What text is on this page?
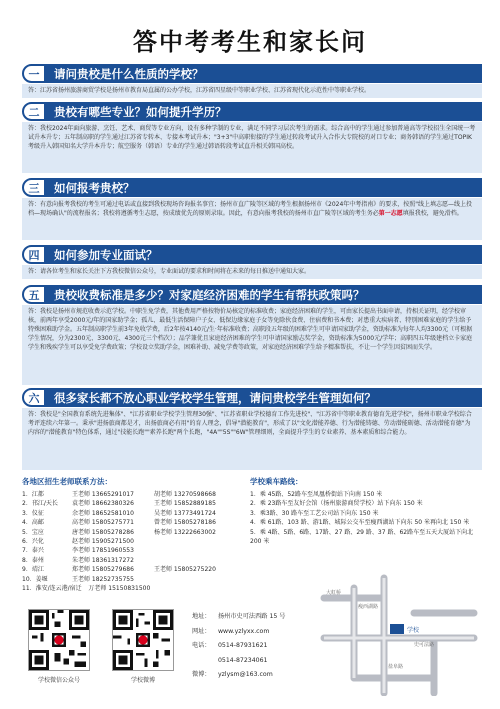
答中考考生和家长问
一	请问贵校是什么性质的学校？
答：江苏省扬州旅游商贸学校是扬州市教育局直属的公办学校，江苏省四星级中等职业学校、江苏省现代化示范性中等职业学校。
二	贵校有哪些专业？如何提升学历？
答：我校2024年面向旅游、烹饪、艺术、商贸等专业方向，设有多种学制的专业，满足不同学习层次考生的需求。综合高中的学生通过参加普通高等学校招生全国统一考试升本升专；五年制高职的学生通过江苏省专转本、专接本考试升本；"3+3"中高职衔接的学生通过转段考试升入合作大专院校的对口专业；商务韩语的学生通过TOPIK考级升入韩国知名大学升本升专；航空服务（韩语）专业的学生通过韩语转段考试直升相关韩国高校。
三	如何报考贵校？
答：有意向报考我校的考生可通过电话或直接到我校现场咨询报名事宜；扬州市直广陵等区域的考生根据扬州市《2024年中考指南》的要求，按照"线上填志愿—线上投档—现场确认"的流程报名；我校将遵循考生志愿，按成绩优先的原则录取。因此，有意向报考我校的扬州市直广陵等区域的考生务必第一志愿填报我校，避免滑档。
四	如何参加专业面试？
答：请各位考生和家长关注下方我校微信公众号，专业面试的要求和时间将在未来的每日推送中通知大家。
五	贵校收费标准是多少？对家庭经济困难的学生有帮扶政策吗？
答：我校是扬州市规范收费示范学校。中职生免学费，其他费用严格按物价局核定的标准收费；家庭经济困难的学生，可由家长提出书面申请，持相关证明，经学校审核，前两年享受2000元/年的国家助学金；孤儿、最低生活保障户子女、低保边缘家庭子女等免除伙食费、住宿费和书本费；对患重大疾病者、特别困难家庭的学生给予特殊困难助学金。五年制高职学生前3年免收学费，后2年按4140元/生·年标准收费；高职段五年级的困难学生可申请国家助学金，资助标准为每年人均3300元（可根据学生情况，分为2300元、3300元、4300元三个档次）；品学兼优且家庭经济困难的学生可申请国家励志奖学金，资助标准为5000元/学年；高职四五年级建档立卡家庭学生和残疾学生可以享受免学费政策；学校设立奖助学金，困难补助、减免学费等政策，对家庭经济困难学生给予精准帮扶，不让一个学生因贫困而失学。
六	很多家长都不放心职业学校学生管理，请问贵校学生管理如何？
答：我校是"全国教育系统先进集体"、"江苏省职业学校学生管理30强"、"江苏省职业学校德育工作先进校"、"江苏省中等职业教育德育先进学校"，扬州市职业学校综合考评连续六年第一。秉承"进扬旅商都是才，出扬旅商必有用"的育人理念，倡导"潜能教育"，形成了以"文化潜能养德、行为潜能铸德、劳动潜能砺德、活动潜能育德"为内容的"潜能教育"特色体系，通过"技能长跑""素养长跑"两个长跑，"4A""5S""6W"管理细则，全面提升学生的专业素养、基本素质和综合能力。
各地区招生老师联系方法：
1．江都	王老师 13665291017	胡老师 13270598668
2．邗江/天长	袁老师 18662380326	王老师 15852889185
3．仪征	余老师 18652581010	吴老师 13773491724
4．高邮	高老师 15805275771	曾老师 15805278186
5．宝应	唐老师 15805278286	杨老师 13222663002
6．兴化	赵老师 15905271500
7．泰兴	李老师 17851960553
8．泰州	朱老师 18361317272
9．靖江	郑老师 15805279686	王老师 15805275220
10．姜堰	王老师 18252735755
11．淮安/连云港/宿迁	万老师 15150831500
学校乘车路线：
1．乘 45路、52路车至凤凰桥街站下向南 150 米
2．乘 23路车至友好会馆（扬州旅游商贸学校）站下向东 150 米
3．乘3路、30 路车至工艺公司站下向东 150 米
4．乘 61路、103 路、游1路、城际公交车至瘦西湖站下向东 50 米再向北 150 米
5．乘 4路、5路、6路、17路、27 路、29 路、37 路、62路车至五天大厦站下向北 200 米
学校微信公众号	学校微博
地址：	扬州市史可法西路 15 号
网址：	www.yzlyxx.com
电话：	0514-87931621
0514-87234061
微博：	yzlysm@163.com
学校
瘦西湖路
史可法路
盐阜路
大虹桥
